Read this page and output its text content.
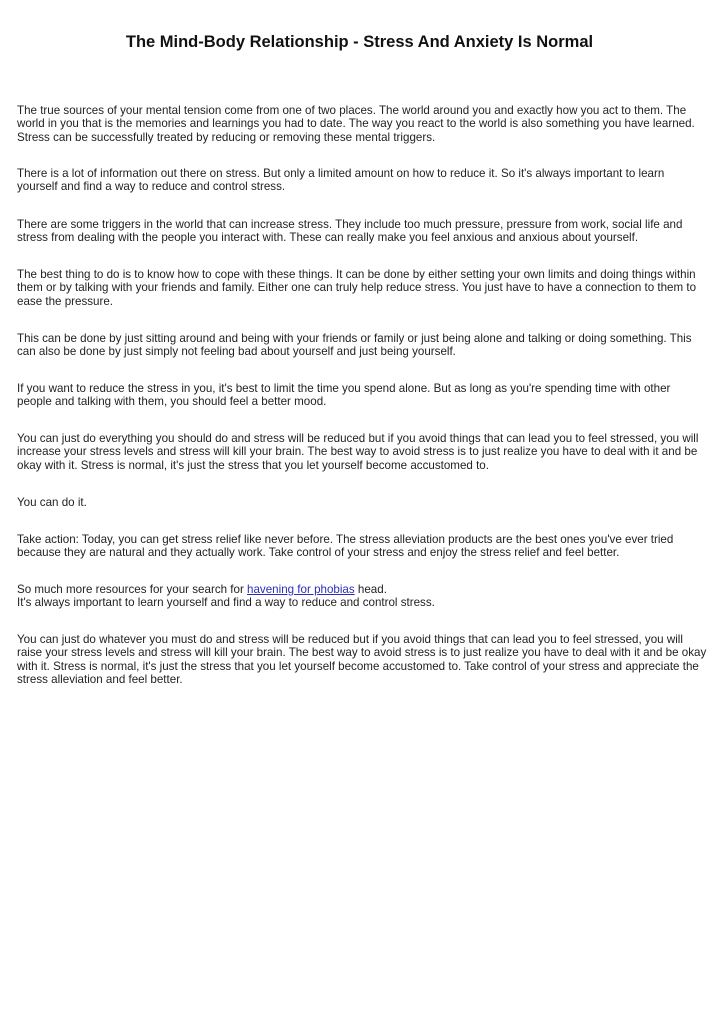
The Mind-Body Relationship - Stress And Anxiety Is Normal

The true sources of your mental tension come from one of two places. The world around you and exactly how you act to them. The world in you that is the memories and learnings you had to date. The way you react to the world is also something you have learned. Stress can be successfully treated by reducing or removing these mental triggers.

There is a lot of information out there on stress. But only a limited amount on how to reduce it. So it's always important to learn yourself and find a way to reduce and control stress.

There are some triggers in the world that can increase stress. They include too much pressure, pressure from work, social life and stress from dealing with the people you interact with. These can really make you feel anxious and anxious about yourself.

The best thing to do is to know how to cope with these things. It can be done by either setting your own limits and doing things within them or by talking with your friends and family. Either one can truly help reduce stress. You just have to have a connection to them to ease the pressure.

This can be done by just sitting around and being with your friends or family or just being alone and talking or doing something. This can also be done by just simply not feeling bad about yourself and just being yourself.

If you want to reduce the stress in you, it's best to limit the time you spend alone. But as long as you're spending time with other people and talking with them, you should feel a better mood.

You can just do everything you should do and stress will be reduced but if you avoid things that can lead you to feel stressed, you will increase your stress levels and stress will kill your brain. The best way to avoid stress is to just realize you have to deal with it and be okay with it. Stress is normal, it's just the stress that you let yourself become accustomed to.

You can do it.

Take action: Today, you can get stress relief like never before. The stress alleviation products are the best ones you've ever tried because they are natural and they actually work. Take control of your stress and enjoy the stress relief and feel better.

So much more resources for your search for havening for phobias head.
It's always important to learn yourself and find a way to reduce and control stress.

You can just do whatever you must do and stress will be reduced but if you avoid things that can lead you to feel stressed, you will raise your stress levels and stress will kill your brain. The best way to avoid stress is to just realize you have to deal with it and be okay with it. Stress is normal, it's just the stress that you let yourself become accustomed to. Take control of your stress and appreciate the stress alleviation and feel better.
